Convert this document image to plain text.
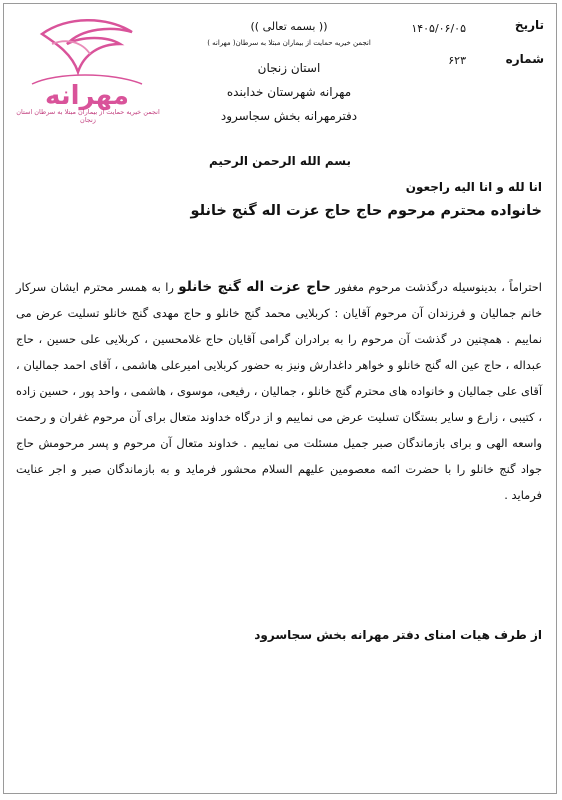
مهرانه
انجمن خیریه حمایت از بیماران مبتلا به سرطان استان زنجان
(( بسمه تعالی ))
انجمن خیریه حمایت از بیماران مبتلا به سرطان( مهرانه )
استان زنجان
مهرانه شهرستان خدابنده
دفترمهرانه بخش سجاسرود
تاریخ
۱۴۰۵/۰۶/۰۵
شماره
۶۲۳
بسم الله الرحمن الرحیم
انا لله و انا الیه راجعون
خانواده محترم مرحوم حاج حاج عزت اله گنج خانلو
احتراماً ، بدینوسیله درگذشت مرحوم مغفور حاج عزت اله گنج خانلو را به همسر محترم ایشان سرکار خانم جمالیان و فرزندان آن مرحوم آقایان : کربلایی محمد گنج خانلو و حاج مهدی گنج خانلو تسلیت عرض می نماییم . همچنین در گذشت آن مرحوم را به برادران گرامی آقایان حاج غلامحسین ، کربلایی علی حسین ، حاج عبداله ، حاج عین اله گنج خانلو و خواهر داغدارش ونیز به حضور کربلایی امیرعلی هاشمی ، آقای احمد جمالیان ، آقای علی جمالیان و خانواده های محترم گنج خانلو ، جمالیان ، رفیعی، موسوی ، هاشمی ، واحد پور ، حسین زاده ، کتیبی ، زارع و سایر بستگان تسلیت عرض می نماییم و از درگاه خداوند متعال برای آن مرحوم غفران و رحمت واسعه الهی و برای بازماندگان صبر جمیل مسئلت می نماییم . خداوند متعال آن مرحوم و پسر مرحومش حاج جواد گنج خانلو را با حضرت ائمه معصومین علیهم السلام محشور فرماید و به بازماندگان صبر و اجر عنایت فرماید .
از طرف هیات امنای دفتر مهرانه بخش سجاسرود
